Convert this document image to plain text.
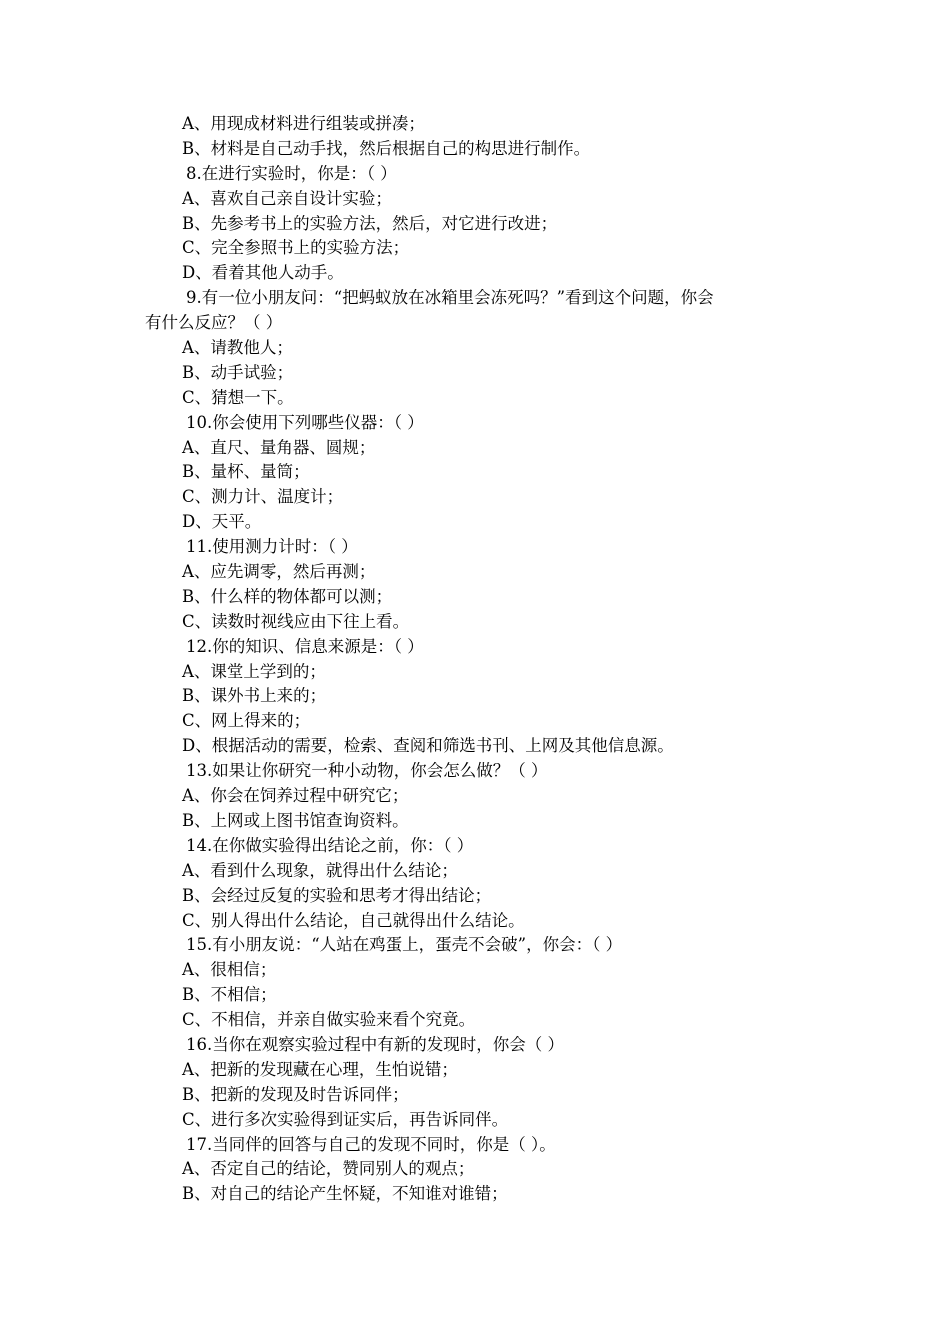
A、用现成材料进行组装或拼凑；
B、材料是自己动手找，然后根据自己的构思进行制作。
8.在进行实验时，你是：（ ）
A、喜欢自己亲自设计实验；
B、先参考书上的实验方法，然后，对它进行改进；
C、完全参照书上的实验方法；
D、看着其他人动手。
9.有一位小朋友问：“把蚂蚁放在冰箱里会冻死吗？”看到这个问题，你会
有什么反应？（ ）
A、请教他人；
B、动手试验；
C、猜想一下。
10.你会使用下列哪些仪器：（ ）
A、直尺、量角器、圆规；
B、量杯、量筒；
C、测力计、温度计；
D、天平。
11.使用测力计时：（ ）
A、应先调零，然后再测；
B、什么样的物体都可以测；
C、读数时视线应由下往上看。
12.你的知识、信息来源是：（ ）
A、课堂上学到的；
B、课外书上来的；
C、网上得来的；
D、根据活动的需要，检索、查阅和筛选书刊、上网及其他信息源。
13.如果让你研究一种小动物，你会怎么做？（ ）
A、你会在饲养过程中研究它；
B、上网或上图书馆查询资料。
14.在你做实验得出结论之前，你：（ ）
A、看到什么现象，就得出什么结论；
B、会经过反复的实验和思考才得出结论；
C、别人得出什么结论，自己就得出什么结论。
15.有小朋友说：“人站在鸡蛋上，蛋壳不会破”，你会：（ ）
A、很相信；
B、不相信；
C、不相信，并亲自做实验来看个究竟。
16.当你在观察实验过程中有新的发现时，你会（ ）
A、把新的发现藏在心理，生怕说错；
B、把新的发现及时告诉同伴；
C、进行多次实验得到证实后，再告诉同伴。
17.当同伴的回答与自己的发现不同时，你是（ ）。
A、否定自己的结论，赞同别人的观点；
B、对自己的结论产生怀疑，不知谁对谁错；
